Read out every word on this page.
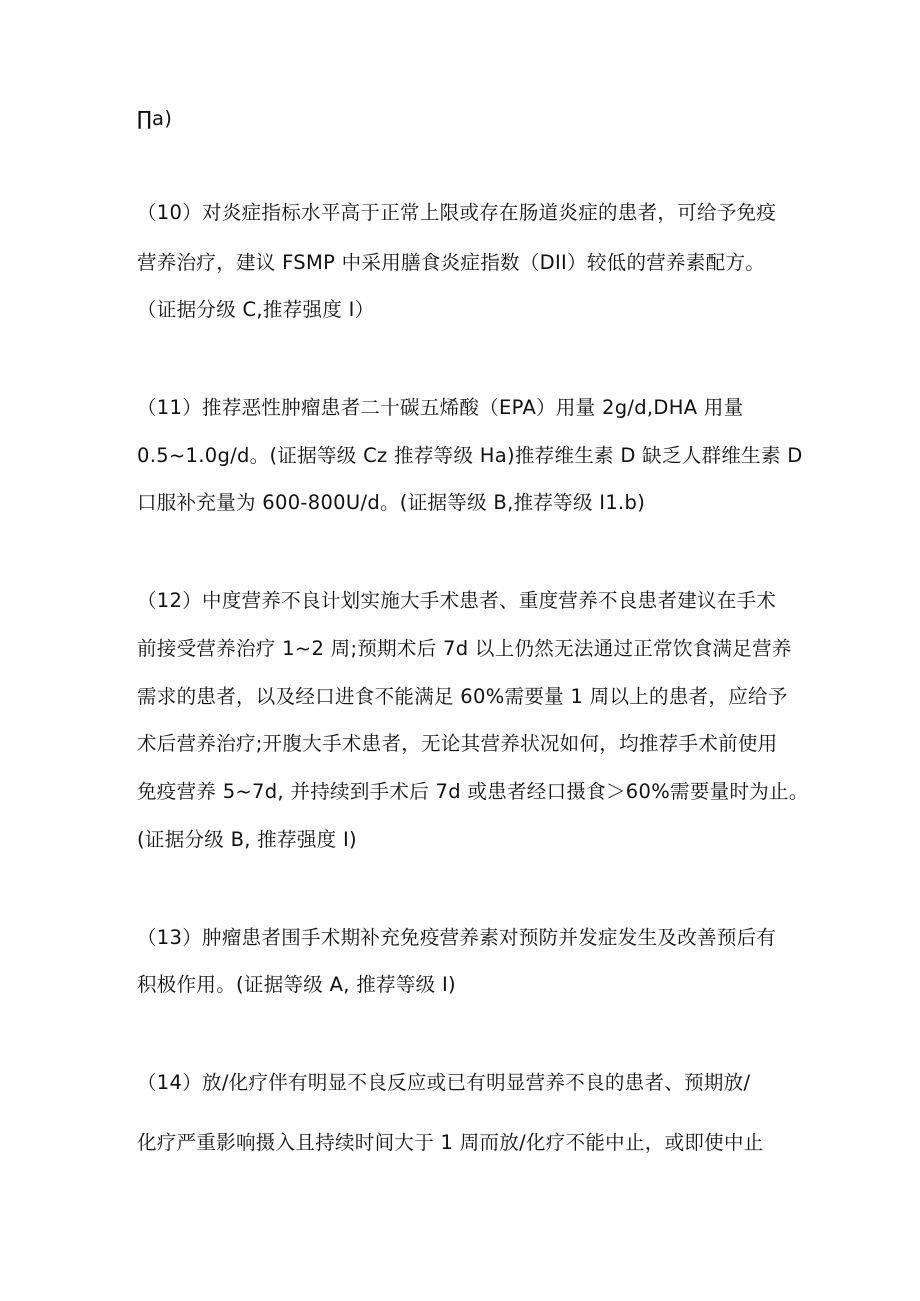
∏a)
（10）对炎症指标水平高于正常上限或存在肠道炎症的患者，可给予免疫
营养治疗，建议 FSMP 中采用膳食炎症指数（DII）较低的营养素配方。
（证据分级 C,推荐强度 I）
（11）推荐恶性肿瘤患者二十碳五烯酸（EPA）用量 2g/d,DHA 用量
0.5~1.0g/d。(证据等级 Cz 推荐等级 Ha)推荐维生素 D 缺乏人群维生素 D
口服补充量为 600-800U/d。(证据等级 B,推荐等级 I1.b)
（12）中度营养不良计划实施大手术患者、重度营养不良患者建议在手术
前接受营养治疗 1~2 周;预期术后 7d 以上仍然无法通过正常饮食满足营养
需求的患者，以及经口进食不能满足 60%需要量 1 周以上的患者，应给予
术后营养治疗;开腹大手术患者，无论其营养状况如何，均推荐手术前使用
免疫营养 5~7d, 并持续到手术后 7d 或患者经口摄食＞60%需要量时为止。
(证据分级 B, 推荐强度 I)
（13）肿瘤患者围手术期补充免疫营养素对预防并发症发生及改善预后有
积极作用。(证据等级 A, 推荐等级 I)
（14）放/化疗伴有明显不良反应或已有明显营养不良的患者、预期放/
化疗严重影响摄入且持续时间大于 1 周而放/化疗不能中止，或即使中止
